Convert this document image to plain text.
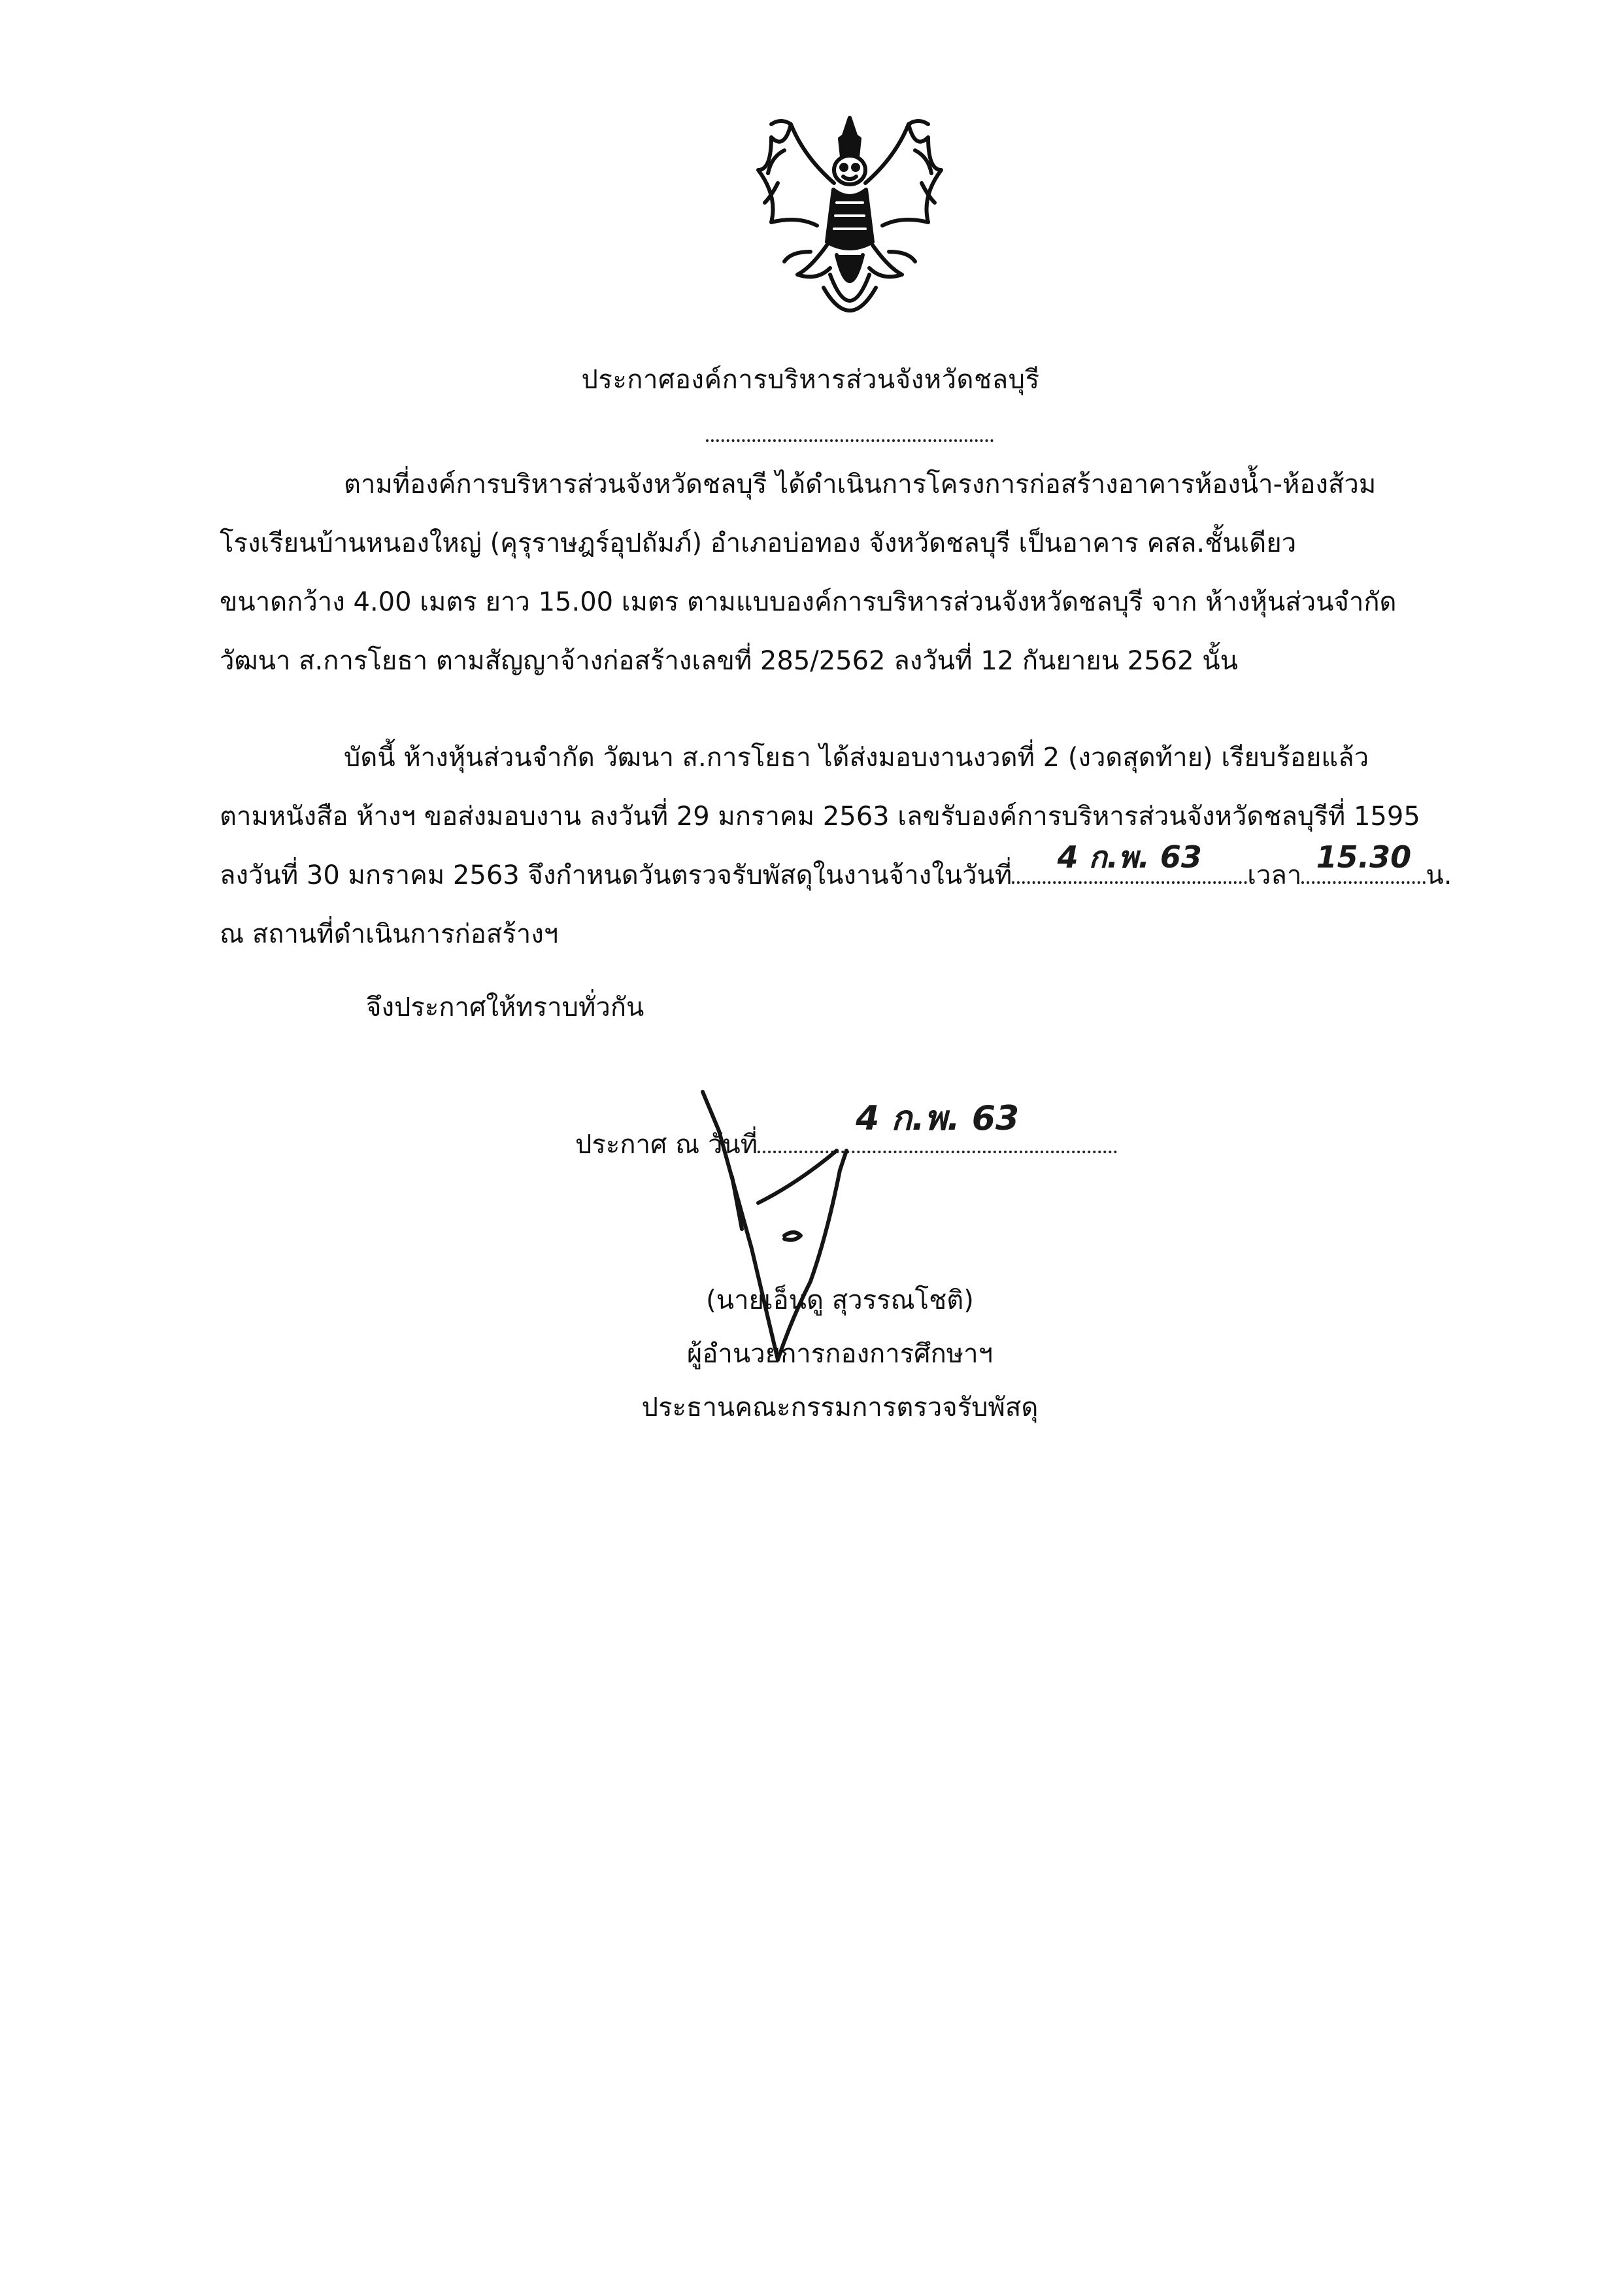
ประกาศองค์การบริหารส่วนจังหวัดชลบุรี
ตามที่องค์การบริหารส่วนจังหวัดชลบุรี ได้ดำเนินการโครงการก่อสร้างอาคารห้องน้ำ-ห้องส้วม
โรงเรียนบ้านหนองใหญ่ (คุรุราษฎร์อุปถัมภ์) อำเภอบ่อทอง จังหวัดชลบุรี เป็นอาคาร คสล.ชั้นเดียว
ขนาดกว้าง 4.00 เมตร ยาว 15.00 เมตร ตามแบบองค์การบริหารส่วนจังหวัดชลบุรี จาก ห้างหุ้นส่วนจำกัด
วัฒนา ส.การโยธา ตามสัญญาจ้างก่อสร้างเลขที่ 285/2562 ลงวันที่ 12 กันยายน 2562 นั้น
บัดนี้ ห้างหุ้นส่วนจำกัด วัฒนา ส.การโยธา ได้ส่งมอบงานงวดที่ 2 (งวดสุดท้าย) เรียบร้อยแล้ว
ตามหนังสือ ห้างฯ ขอส่งมอบงาน ลงวันที่ 29 มกราคม 2563 เลขรับองค์การบริหารส่วนจังหวัดชลบุรีที่ 1595
ลงวันที่ 30 มกราคม 2563 จึงกำหนดวันตรวจรับพัสดุในงานจ้างในวันที่
4 ก.พ. 63
เวลา
15.30
น.
ณ สถานที่ดำเนินการก่อสร้างฯ
จึงประกาศให้ทราบทั่วกัน
ประกาศ ณ วันที่
4 ก.พ. 63
(นายเอ็นดู สุวรรณโชติ)
ผู้อำนวยการกองการศึกษาฯ
ประธานคณะกรรมการตรวจรับพัสดุ
